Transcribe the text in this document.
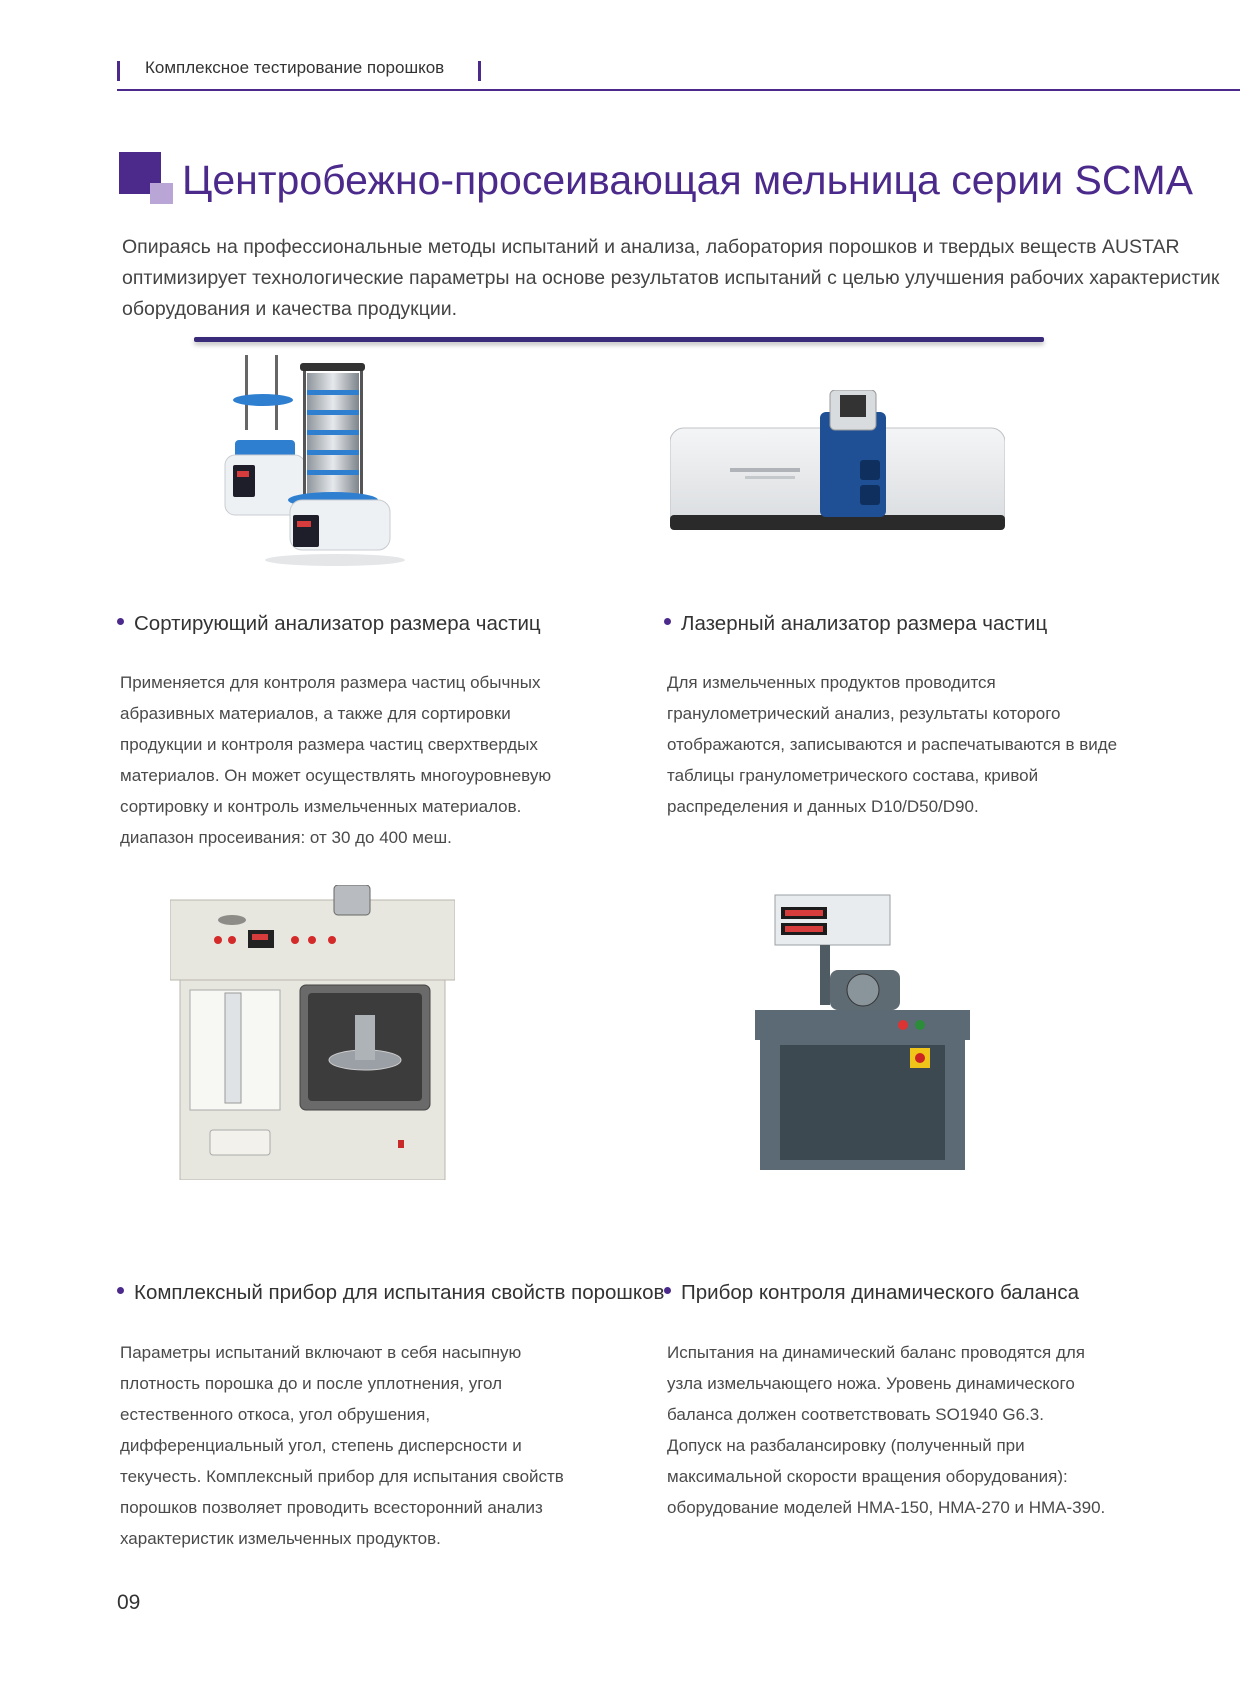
Комплексное тестирование порошков
Центробежно-просеивающая мельница серии SCMA
Опираясь на профессиональные методы испытаний и анализа, лаборатория порошков и твердых веществ AUSTAR оптимизирует технологические параметры на основе результатов испытаний с целью улучшения рабочих характеристик оборудования и качества продукции.
Сортирующий анализатор размера частиц
Применяется для контроля размера частиц обычных
абразивных материалов, а также для сортировки
продукции и контроля размера частиц сверхтвердых
материалов. Он может осуществлять многоуровневую
сортировку и контроль измельченных материалов.
диапазон просеивания: от 30 до 400 меш.
Лазерный анализатор размера частиц
Для измельченных продуктов проводится
гранулометрический анализ, результаты которого
отображаются, записываются и распечатываются в виде
таблицы гранулометрического состава, кривой
распределения и данных D10/D50/D90.
Комплексный прибор для испытания свойств порошков
Параметры испытаний включают в себя насыпную
плотность порошка до и после уплотнения, угол
естественного откоса, угол обрушения,
дифференциальный угол, степень дисперсности и
текучесть. Комплексный прибор для испытания свойств
порошков позволяет проводить всесторонний анализ
характеристик измельченных продуктов.
Прибор контроля динамического баланса
Испытания на динамический баланс проводятся для
узла измельчающего ножа. Уровень динамического
баланса должен соответствовать SO1940 G6.3.
Допуск на разбалансировку (полученный при
максимальной скорости вращения оборудования):
оборудование моделей HMA-150, HMA-270 и HMA-390.
09
